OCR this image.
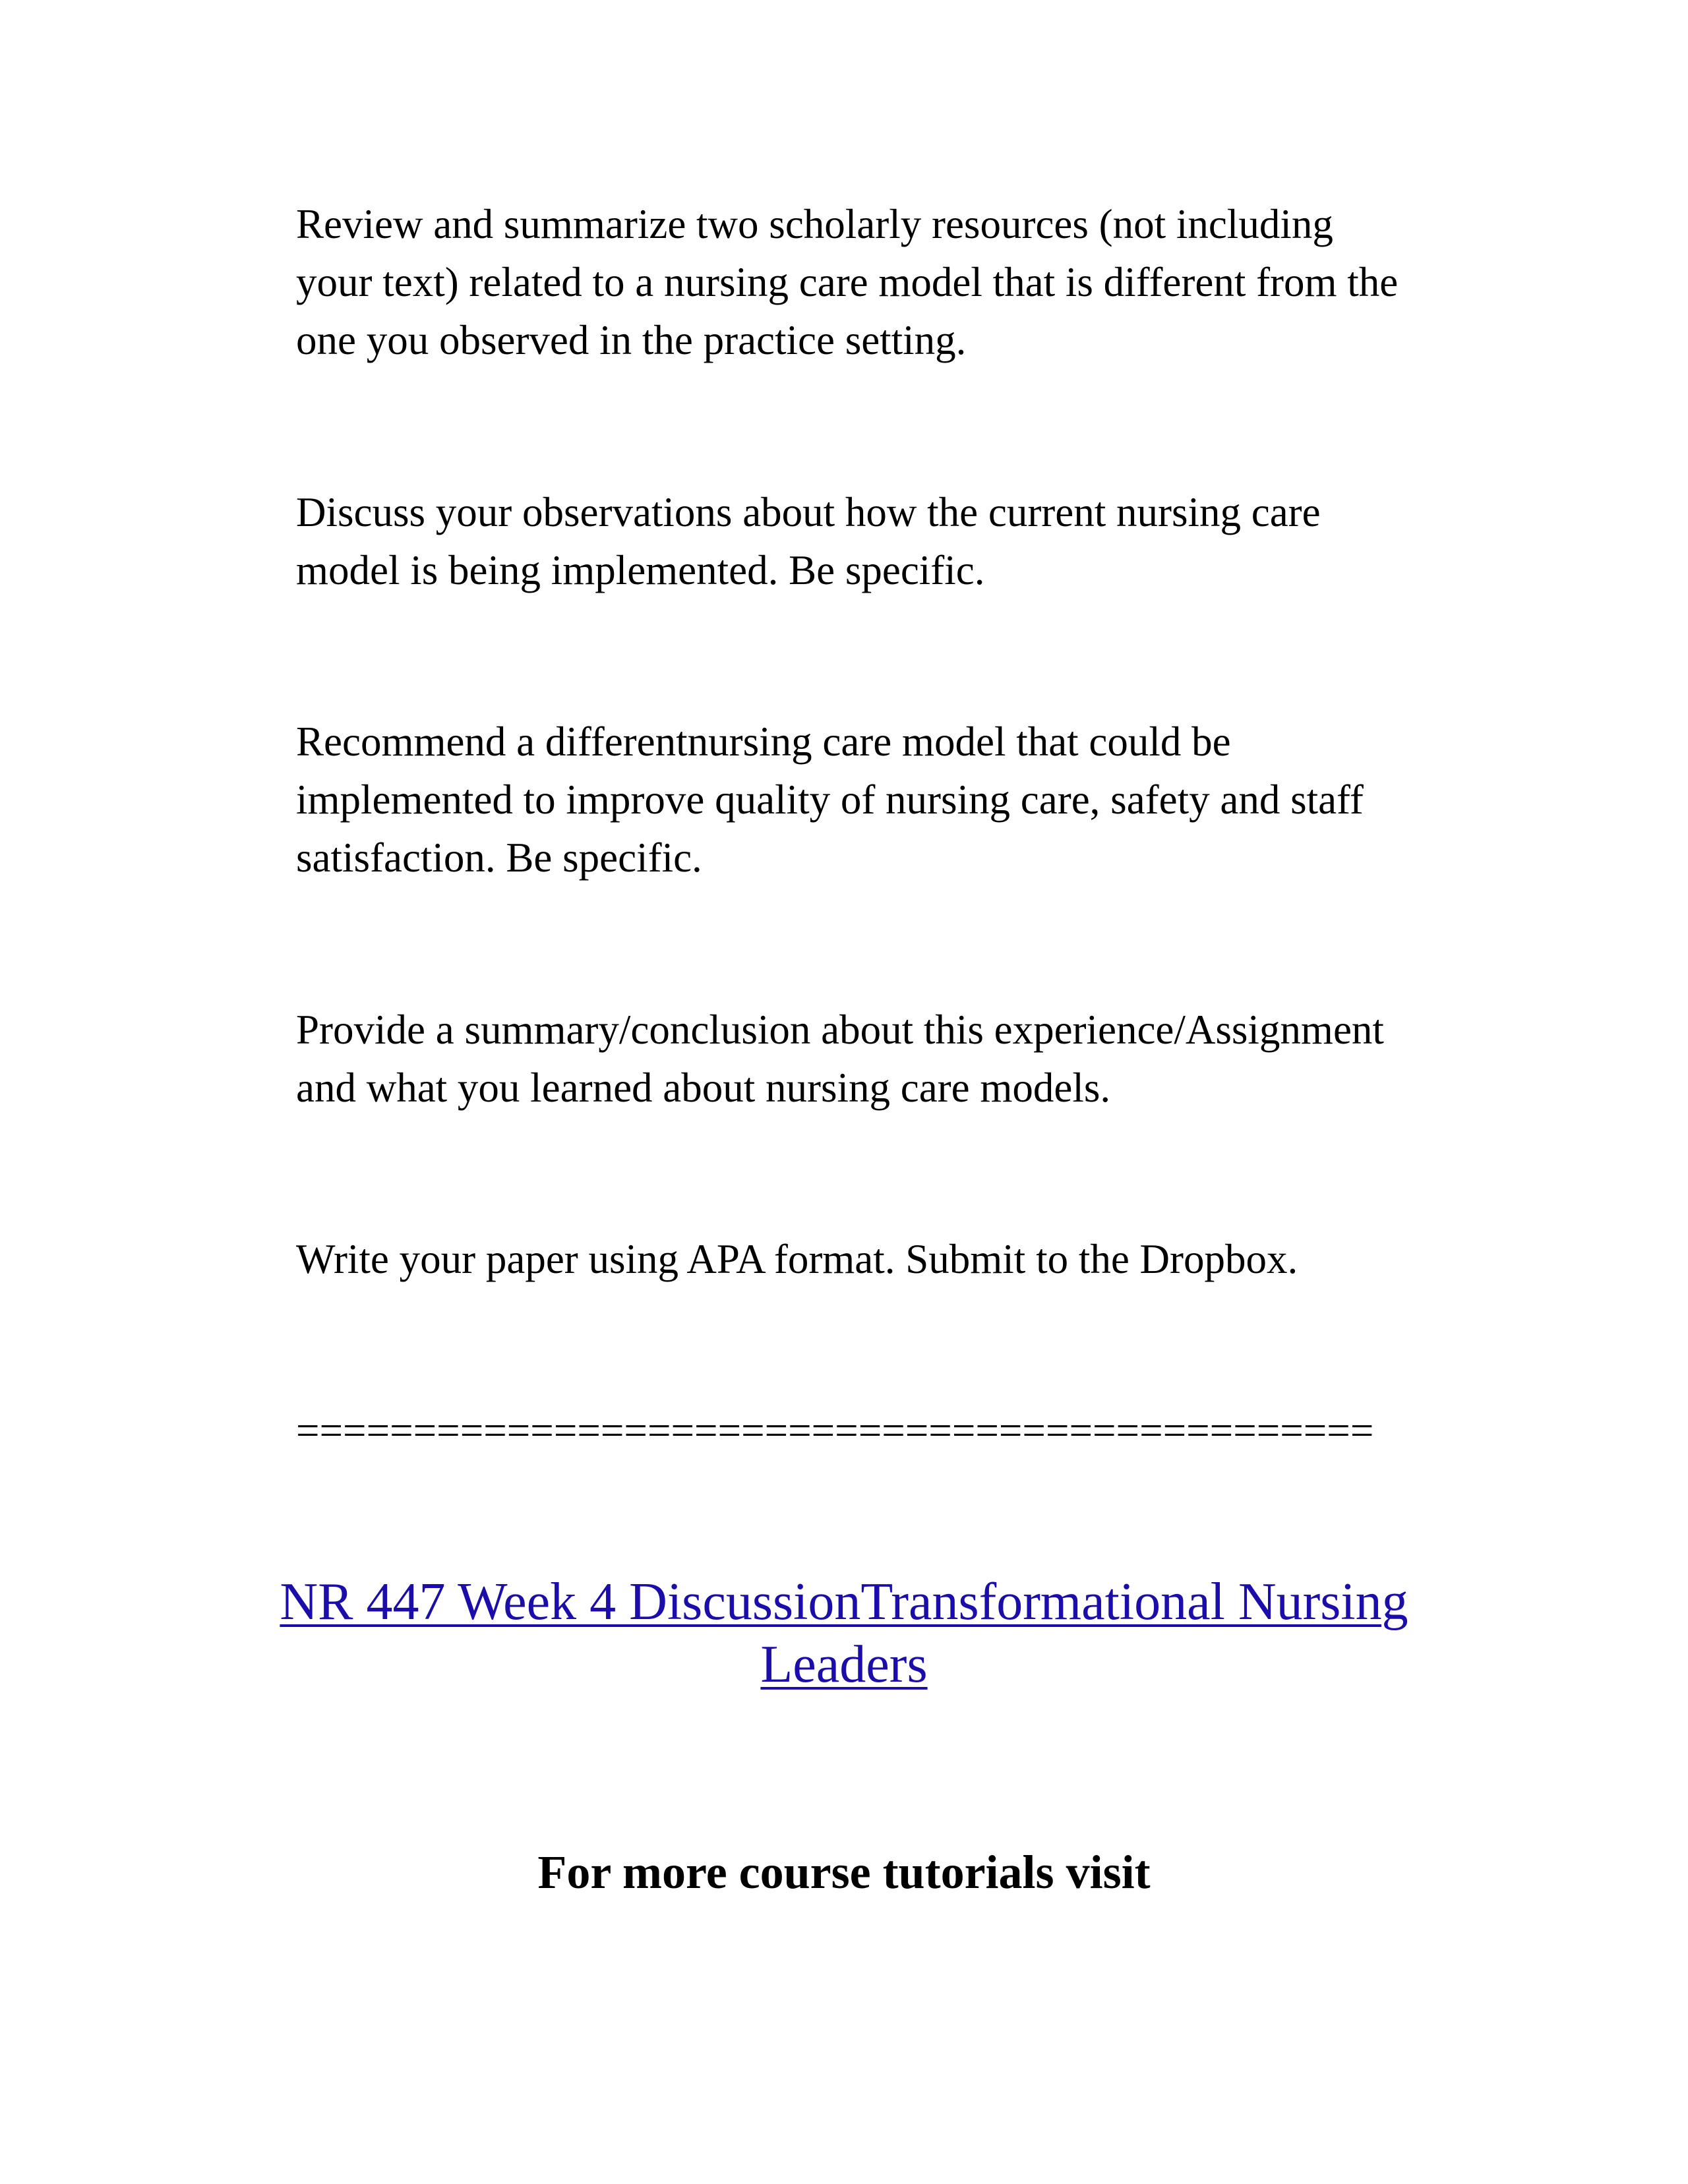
Review and summarize two scholarly resources (not including
your text) related to a nursing care model that is different from the
one you observed in the practice setting.

Discuss your observations about how the current nursing care
model is being implemented. Be specific.

Recommend a differentnursing care model that could be
implemented to improve quality of nursing care, safety and staff
satisfaction. Be specific.

Provide a summary/conclusion about this experience/Assignment
and what you learned about nursing care models.

Write your paper using APA format. Submit to the Dropbox.

==============================================

NR 447 Week 4 DiscussionTransformational Nursing
Leaders
For more course tutorials visit
